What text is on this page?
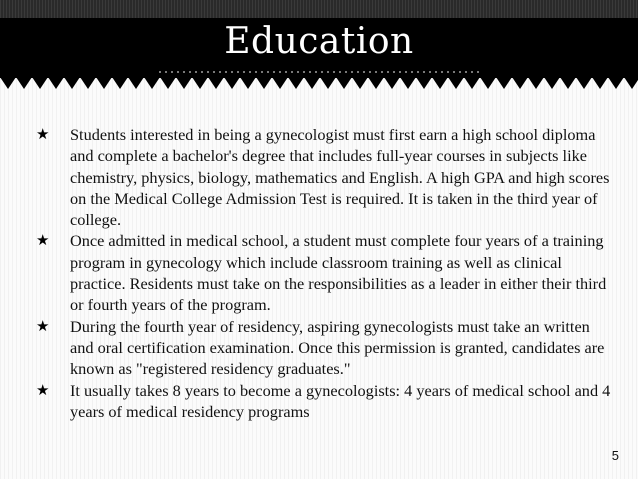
Education
★ Students interested in being a gynecologist must first earn a high school diploma and complete a bachelor's degree that includes full-year courses in subjects like chemistry, physics, biology, mathematics and English. A high GPA and high scores on the Medical College Admission Test is required. It is taken in the third year of college.
★ Once admitted in medical school, a student must complete four years of a training program in gynecology which include classroom training as well as clinical practice. Residents must take on the responsibilities as a leader in either their third or fourth years of the program.
★ During the fourth year of residency, aspiring gynecologists must take an written and oral certification examination. Once this permission is granted, candidates are known as "registered residency graduates."
★ It usually takes 8 years to become a gynecologists: 4 years of medical school and 4 years of medical residency programs
5
